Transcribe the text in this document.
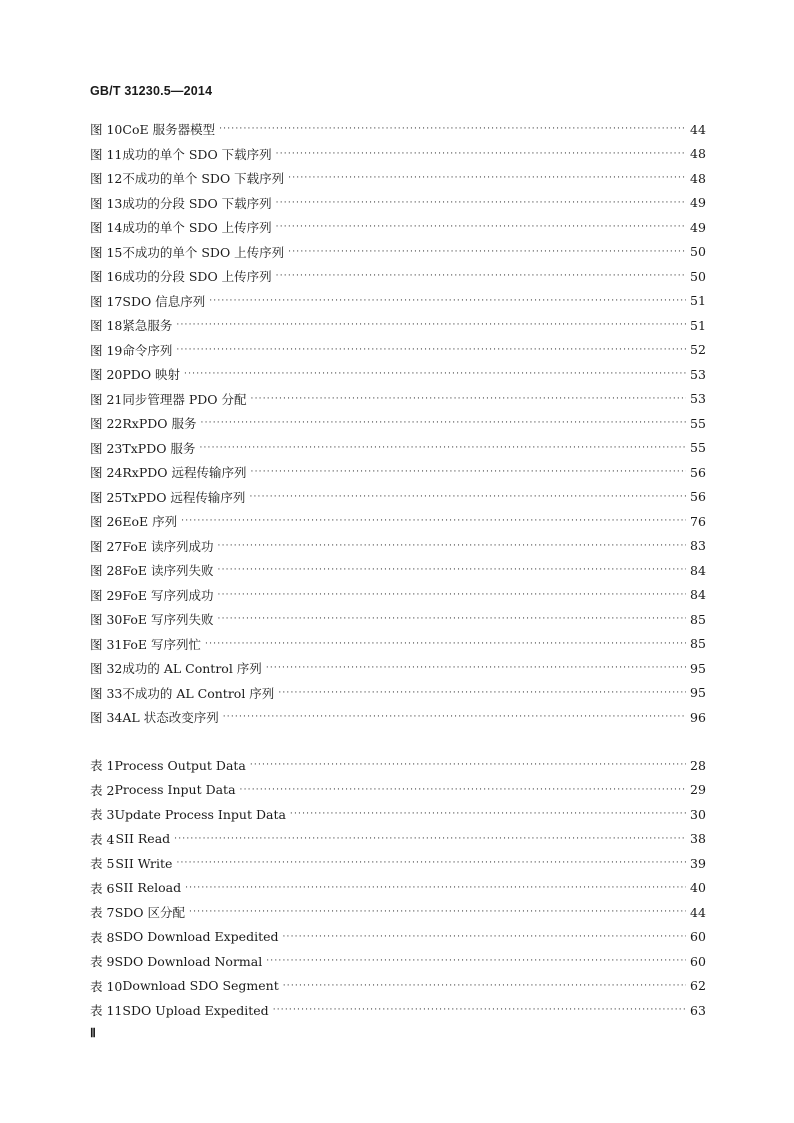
GB/T 31230.5—2014
图 10 CoE 服务器模型 ·····	44
图 11 成功的单个 SDO 下载序列 ·····	48
图 12 不成功的单个 SDO 下载序列 ·····	48
图 13 成功的分段 SDO 下载序列 ·····	49
图 14 成功的单个 SDO 上传序列 ·····	49
图 15 不成功的单个 SDO 上传序列 ·····	50
图 16 成功的分段 SDO 上传序列 ·····	50
图 17 SDO 信息序列 ·····	51
图 18 紧急服务 ·····	51
图 19 命令序列 ·····	52
图 20 PDO 映射 ·····	53
图 21 同步管理器 PDO 分配 ·····	53
图 22 RxPDO 服务 ·····	55
图 23 TxPDO 服务 ·····	55
图 24 RxPDO 远程传输序列 ·····	56
图 25 TxPDO 远程传输序列 ·····	56
图 26 EoE 序列 ·····	76
图 27 FoE 读序列成功 ·····	83
图 28 FoE 读序列失败 ·····	84
图 29 FoE 写序列成功 ·····	84
图 30 FoE 写序列失败 ·····	85
图 31 FoE 写序列忙 ·····	85
图 32 成功的 AL Control 序列 ·····	95
图 33 不成功的 AL Control 序列 ·····	95
图 34 AL 状态改变序列 ·····	96
表 1 Process Output Data ·····	28
表 2 Process Input Data ·····	29
表 3 Update Process Input Data ·····	30
表 4 SII Read ·····	38
表 5 SII Write ·····	39
表 6 SII Reload ·····	40
表 7 SDO 区分配 ·····	44
表 8 SDO Download Expedited ·····	60
表 9 SDO Download Normal ·····	60
表 10 Download SDO Segment ·····	62
表 11 SDO Upload Expedited ·····	63
Ⅱ
